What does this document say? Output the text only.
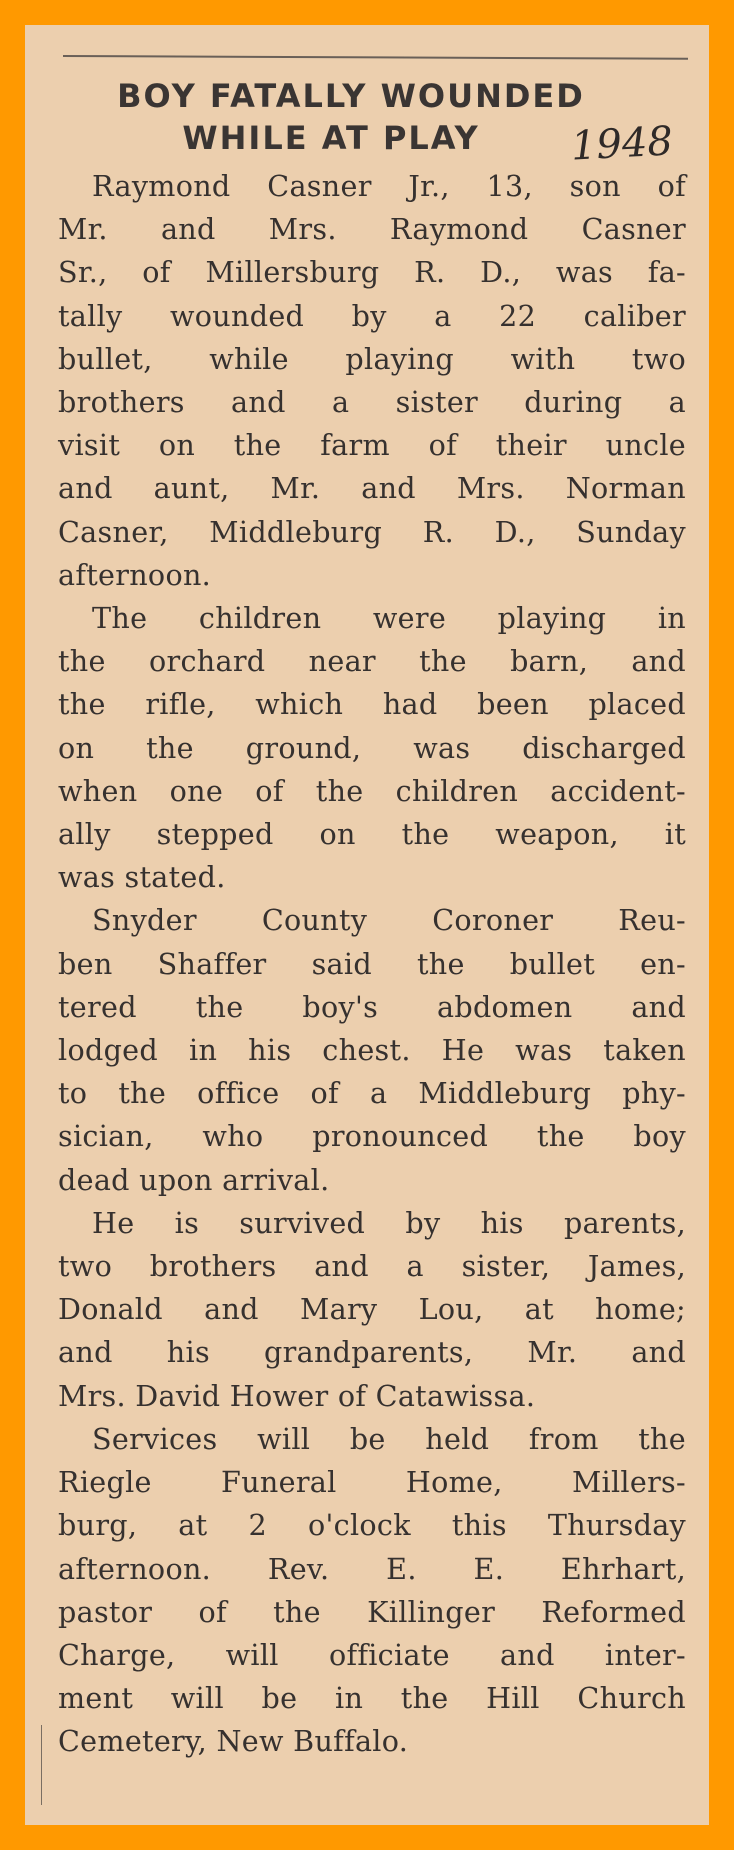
BOY FATALLY WOUNDED
WHILE AT PLAY	1948

Raymond Casner Jr., 13, son of
Mr. and Mrs. Raymond Casner
Sr., of Millersburg R. D., was fa-
tally wounded by a 22 caliber
bullet, while playing with two
brothers and a sister during a
visit on the farm of their uncle
and aunt, Mr. and Mrs. Norman
Casner, Middleburg R. D., Sunday
afternoon.

The children were playing in
the orchard near the barn, and
the rifle, which had been placed
on the ground, was discharged
when one of the children accident-
ally stepped on the weapon, it
was stated.

Snyder County Coroner Reu-
ben Shaffer said the bullet en-
tered the boy's abdomen and
lodged in his chest. He was taken
to the office of a Middleburg phy-
sician, who pronounced the boy
dead upon arrival.

He is survived by his parents,
two brothers and a sister, James,
Donald and Mary Lou, at home;
and his grandparents, Mr. and
Mrs. David Hower of Catawissa.

Services will be held from the
Riegle Funeral Home, Millers-
burg, at 2 o'clock this Thursday
afternoon. Rev. E. E. Ehrhart,
pastor of the Killinger Reformed
Charge, will officiate and inter-
ment will be in the Hill Church
Cemetery, New Buffalo.
